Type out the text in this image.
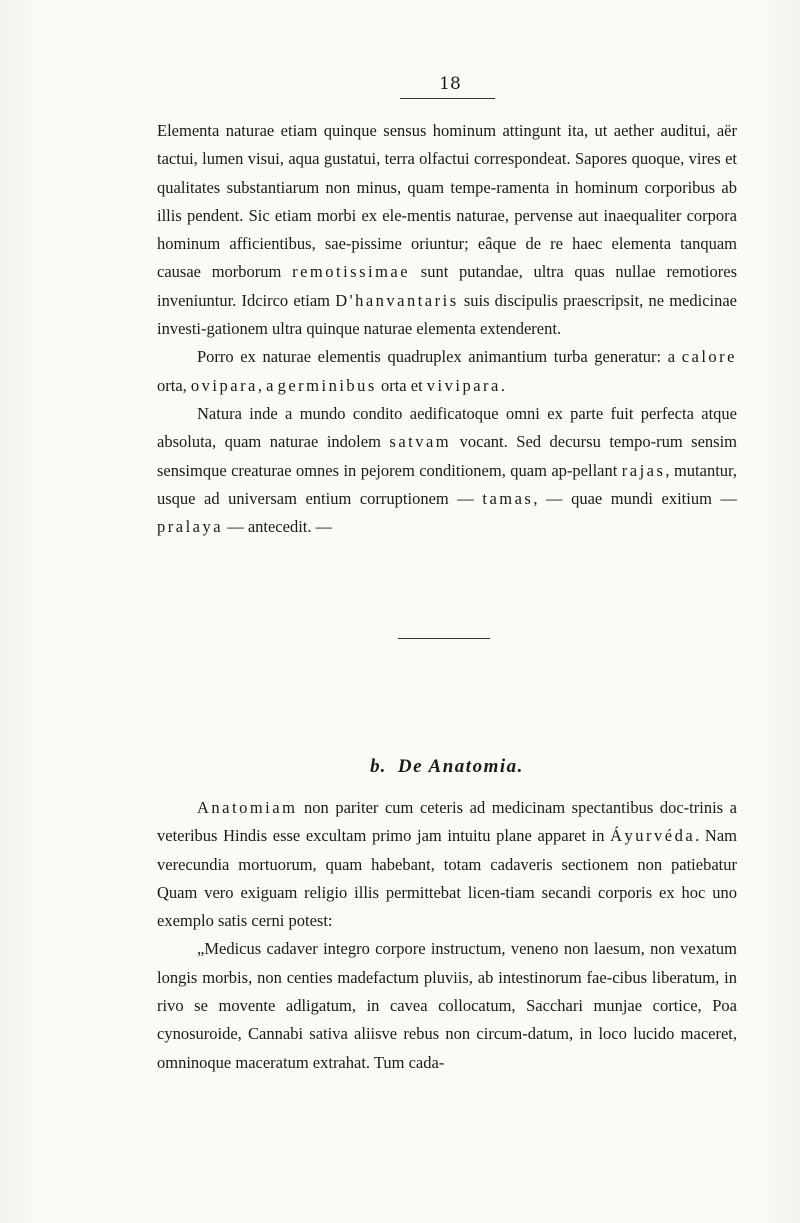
18

Elementa naturae etiam quinque sensus hominum attingunt ita, ut aether auditui, aër tactui, lumen visui, aqua gustatui, terra olfactui correspondeat. Sapores quoque, vires et qualitates substantiarum non minus, quam tempe-ramenta in hominum corporibus ab illis pendent. Sic etiam morbi ex ele-mentis naturae, pervense aut inaequaliter corpora hominum afficientibus, sae-pissime oriuntur; eâque de re haec elementa tanquam causae morborum remotissimae sunt putandae, ultra quas nullae remotiores inveniuntur. Idcirco etiam D'hanvantaris suis discipulis praescripsit, ne medicinae investi-gationem ultra quinque naturae elementa extenderent.

Porro ex naturae elementis quadruplex animantium turba generatur: a calore orta, ovipara, a germinibus orta et vivipara.

Natura inde a mundo condito aedificatoque omni ex parte fuit perfecta atque absoluta, quam naturae indolem satvam vocant. Sed decursu tempo-rum sensim sensimque creaturae omnes in pejorem conditionem, quam ap-pellant rajas, mutantur, usque ad universam entium corruptionem — tamas, — quae mundi exitium — pralaya — antecedit. —

b. De Anatomia.

Anatomiam non pariter cum ceteris ad medicinam spectantibus doc-trinis a veteribus Hindis esse excultam primo jam intuitu plane apparet in Áyurvéda. Nam verecundia mortuorum, quam habebant, totam cadaveris sectionem non patiebatur Quam vero exiguam religio illis permittebat licen-tiam secandi corporis ex hoc uno exemplo satis cerni potest:

„Medicus cadaver integro corpore instructum, veneno non laesum, non vexatum longis morbis, non centies madefactum pluviis, ab intestinorum fae-cibus liberatum, in rivo se movente adligatum, in cavea collocatum, Sacchari munjae cortice, Poa cynosuroide, Cannabi sativa aliisve rebus non circum-datum, in loco lucido maceret, omninoque maceratum extrahat. Tum cada-
